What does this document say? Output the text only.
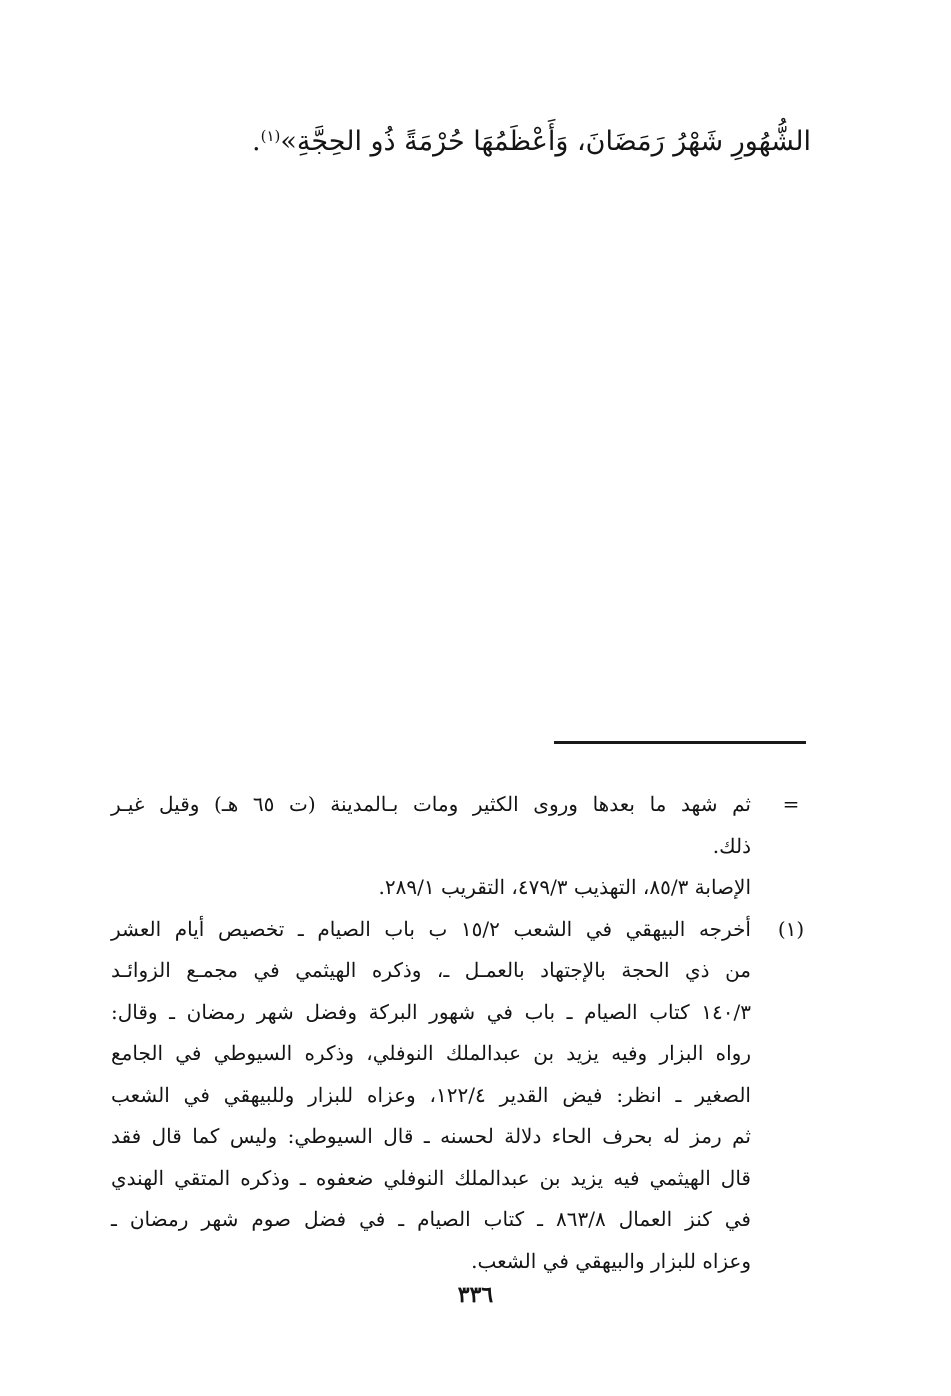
الشُّهُورِ شَهْرُ رَمَضَانَ، وَأَعْظَمُهَا حُرْمَةً ذُو الحِجَّةِ»$^{(١)}$.
=
ثم شهد ما بعدها وروى الكثير ومات بـالمدينة (ت ٦٥ هـ) وقيل غيـر
ذلك.
الإصابة ٨٥/٣، التهذيب ٤٧٩/٣، التقريب ٢٨٩/١.
(١)
أخرجه البيهقي في الشعب ١٥/٢ ب باب الصيام ـ تخصيص أيام العشر
من ذي الحجة بالإجتهاد بالعمـل ـ، وذكره الهيثمي في مجمـع الزوائـد
١٤٠/٣ كتاب الصيام ـ باب في شهور البركة وفضل شهر رمضان ـ وقال:
رواه البزار وفيه يزيد بن عبدالملك النوفلي، وذكره السيوطي في الجامع
الصغير ـ انظر: فيض القدير ١٢٢/٤، وعزاه للبزار وللبيهقي في الشعب
ثم رمز له بحرف الحاء دلالة لحسنه ـ قال السيوطي: وليس كما قال فقد
قال الهيثمي فيه يزيد بن عبدالملك النوفلي ضعفوه ـ وذكره المتقي الهندي
في كنز العمال ٨٦٣/٨ ـ كتاب الصيام ـ في فضل صوم شهر رمضان ـ
وعزاه للبزار والبيهقي في الشعب.
٣٣٦
